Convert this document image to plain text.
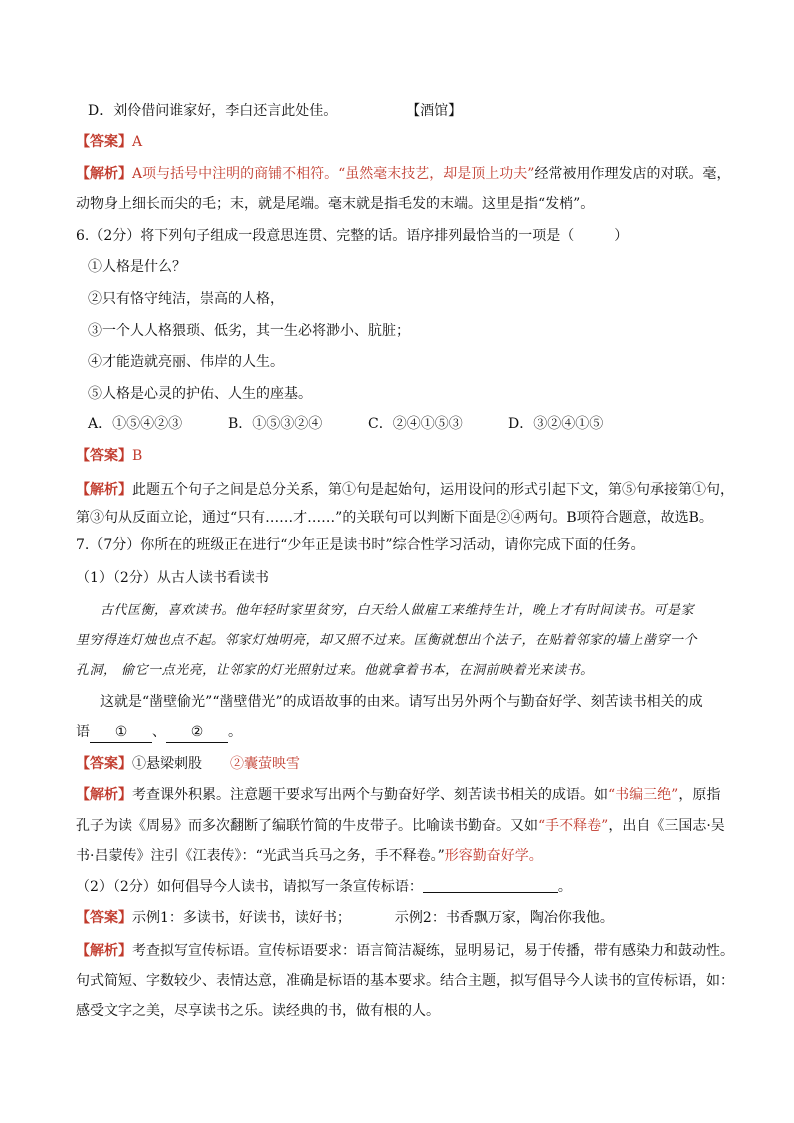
D．刘伶借问谁家好，李白还言此处佳。	【酒馆】
【答案】A
【解析】A项与括号中注明的商铺不相符。“虽然毫末技艺，却是顶上功夫”经常被用作理发店的对联。毫，
动物身上细长而尖的毛；末，就是尾端。毫末就是指毛发的末端。这里是指“发梢”。
6.（2分）将下列句子组成一段意思连贯、完整的话。语序排列最恰当的一项是（	）
①人格是什么？
②只有恪守纯洁，崇高的人格，
③一个人人格猥琐、低劣，其一生必将渺小、肮脏；
④才能造就亮丽、伟岸的人生。
⑤人格是心灵的护佑、人生的座基。
A．①⑤④②③	B．①⑤③②④	C．②④①⑤③	D．③②④①⑤
【答案】B
【解析】此题五个句子之间是总分关系，第①句是起始句，运用设问的形式引起下文，第⑤句承接第①句，
第③句从反面立论，通过“只有……才……”的关联句可以判断下面是②④两句。B项符合题意，故选B。
7.（7分）你所在的班级正在进行“少年正是读书时”综合性学习活动，请你完成下面的任务。
（1）（2分）从古人读书看读书
古代匡衡，喜欢读书。他年轻时家里贫穷，白天给人做雇工来维持生计，晚上才有时间读书。可是家
里穷得连灯烛也点不起。邻家灯烛明亮，却又照不过来。匡衡就想出个法子，在贴着邻家的墙上凿穿一个
孔洞， 偷它一点光亮，让邻家的灯光照射过来。他就拿着书本，在洞前映着光来读书。
这就是“凿壁偷光”“凿壁借光”的成语故事的由来。请写出另外两个与勤奋好学、刻苦读书相关的成
语 ① 、 ② 。
【答案】①悬梁刺股 ②囊萤映雪
【解析】考查课外积累。注意题干要求写出两个与勤奋好学、刻苦读书相关的成语。如“书编三绝”，原指
孔子为读《周易》而多次翻断了编联竹简的牛皮带子。比喻读书勤奋。又如“手不释卷”，出自《三国志·吴
书·吕蒙传》注引《江表传》：“光武当兵马之务，手不释卷。”形容勤奋好学。
（2）（2分）如何倡导今人读书，请拟写一条宣传标语：	。
【答案】示例1：多读书，好读书，读好书；	示例2：书香飘万家，陶冶你我他。
【解析】考查拟写宣传标语。宣传标语要求：语言简洁凝练，显明易记，易于传播，带有感染力和鼓动性。
句式简短、字数较少、表情达意，准确是标语的基本要求。结合主题，拟写倡导今人读书的宣传标语，如：
感受文字之美，尽享读书之乐。读经典的书，做有根的人。
